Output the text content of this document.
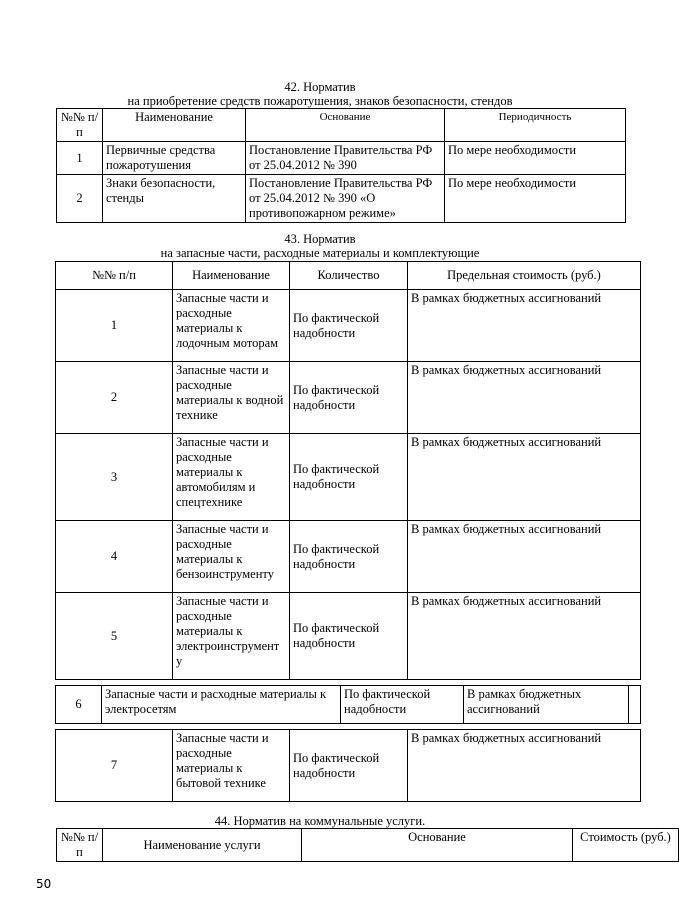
42. Норматив
на приобретение средств пожаротушения, знаков безопасности, стендов
№№ п/п	Наименование	Основание	Периодичность
1	Первичные средства пожаротушения	Постановление Правительства РФ от 25.04.2012 № 390	По мере необходимости
2	Знаки безопасности, стенды	Постановление Правительства РФ от 25.04.2012 № 390 «О противопожарном режиме»	По мере необходимости
43. Норматив
на запасные части, расходные материалы и комплектующие
№№ п/п	Наименование	Количество	Предельная стоимость (руб.)
1	Запасные части и расходные материалы к лодочным моторам	По фактической надобности	В рамках бюджетных ассигнований
2	Запасные части и расходные материалы к водной технике	По фактической надобности	В рамках бюджетных ассигнований
3	Запасные части и расходные материалы к автомобилям и спецтехнике	По фактической надобности	В рамках бюджетных ассигнований
4	Запасные части и расходные материалы к бензоинструменту	По фактической надобности	В рамках бюджетных ассигнований
5	Запасные части и расходные материалы к электроинструмент у	По фактической надобности	В рамках бюджетных ассигнований
6	Запасные части и расходные материалы к электросетям	По фактической надобности	В рамках бюджетных ассигнований	
7	Запасные части и расходные материалы к бытовой технике	По фактической надобности	В рамках бюджетных ассигнований
44. Норматив на коммунальные услуги.
№№ п/п	Наименование услуги	Основание	Стоимость (руб.)
50
